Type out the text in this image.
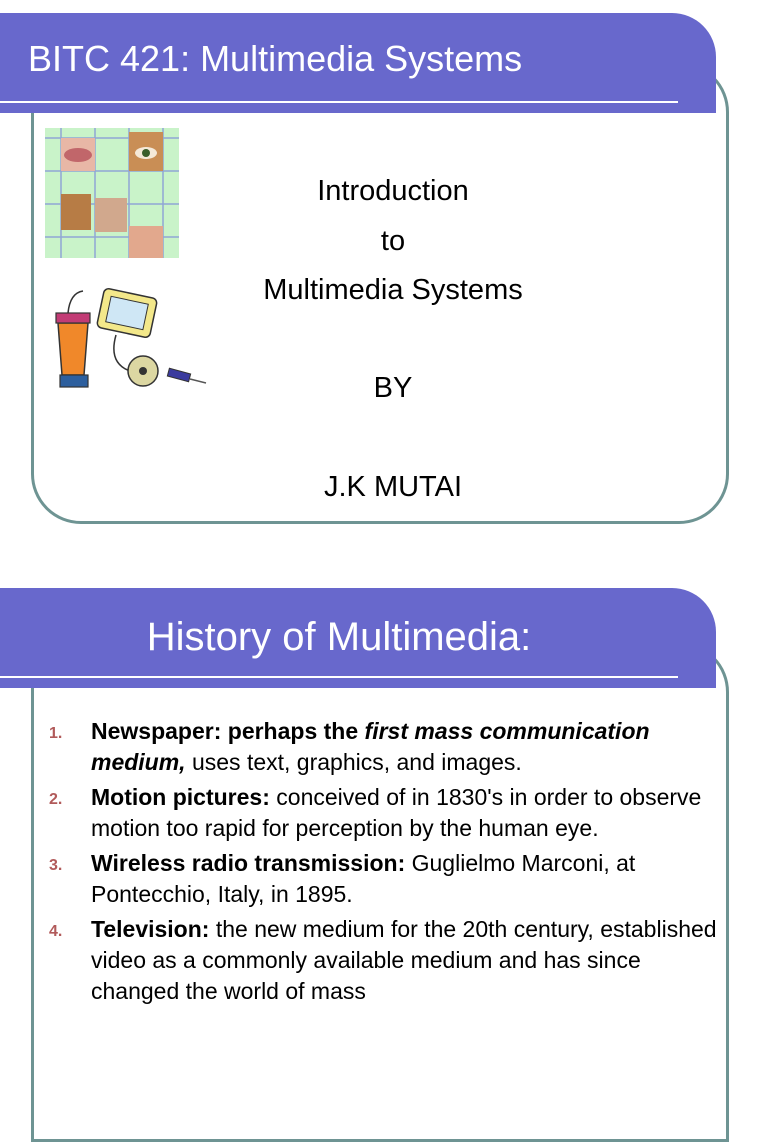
BITC 421: Multimedia Systems
Introduction
to
Multimedia Systems
BY
J.K MUTAI
History of Multimedia:
1. Newspaper: perhaps the first mass communication medium, uses text, graphics, and images.
2. Motion pictures: conceived of in 1830's in order to observe motion too rapid for perception by the human eye.
3. Wireless radio transmission: Guglielmo Marconi, at Pontecchio, Italy, in 1895.
4. Television: the new medium for the 20th century, established video as a commonly available medium and has since changed the world of mass
